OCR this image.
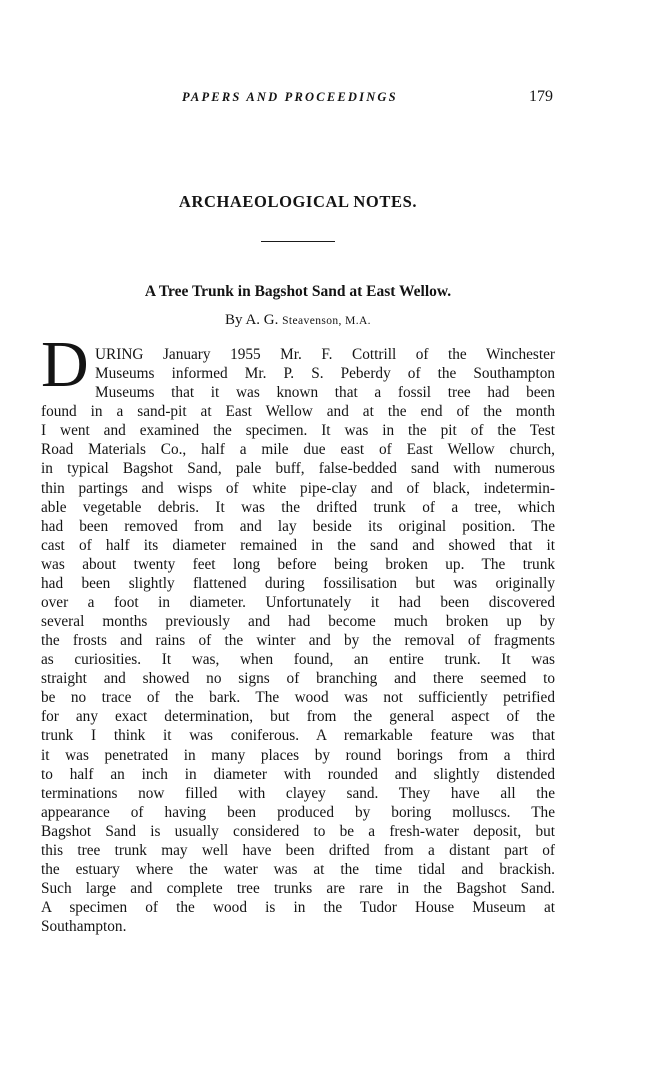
PAPERS AND PROCEEDINGS	179
ARCHAEOLOGICAL NOTES.
A Tree Trunk in Bagshot Sand at East Wellow.
By A. G. Steavenson, M.A.
D URING January 1955 Mr. F. Cottrill of the Winchester
Museums informed Mr. P. S. Peberdy of the Southampton
Museums that it was known that a fossil tree had been
found in a sand-pit at East Wellow and at the end of the month
I went and examined the specimen. It was in the pit of the Test
Road Materials Co., half a mile due east of East Wellow church,
in typical Bagshot Sand, pale buff, false-bedded sand with numerous
thin partings and wisps of white pipe-clay and of black, indetermin-
able vegetable debris. It was the drifted trunk of a tree, which
had been removed from and lay beside its original position. The
cast of half its diameter remained in the sand and showed that it
was about twenty feet long before being broken up. The trunk
had been slightly flattened during fossilisation but was originally
over a foot in diameter. Unfortunately it had been discovered
several months previously and had become much broken up by
the frosts and rains of the winter and by the removal of fragments
as curiosities. It was, when found, an entire trunk. It was
straight and showed no signs of branching and there seemed to
be no trace of the bark. The wood was not sufficiently petrified
for any exact determination, but from the general aspect of the
trunk I think it was coniferous. A remarkable feature was that
it was penetrated in many places by round borings from a third
to half an inch in diameter with rounded and slightly distended
terminations now filled with clayey sand. They have all the
appearance of having been produced by boring molluscs. The
Bagshot Sand is usually considered to be a fresh-water deposit, but
this tree trunk may well have been drifted from a distant part of
the estuary where the water was at the time tidal and brackish.
Such large and complete tree trunks are rare in the Bagshot Sand.
A specimen of the wood is in the Tudor House Museum at
Southampton.
